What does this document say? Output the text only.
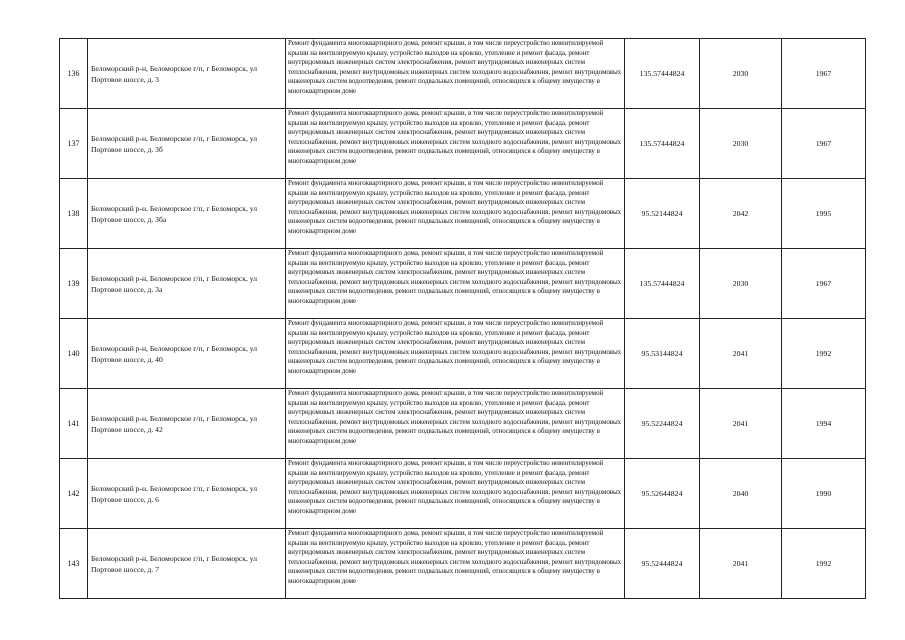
136	Беломорский р-н, Беломорское г/п, г Беломорск, ул Портовое шоссе, д. 3	Ремонт фундамента многоквартирного дома, ремонт крыши, в том числе переустройство невентилируемой крыши на вентилируемую крышу, устройство выходов на кровлю, утепление и ремонт фасада, ремонт внутридомовых инженерных систем электроснабжения, ремонт внутридомовых инженерных систем теплоснабжения, ремонт внутридомовых инженерных систем холодного водоснабжения, ремонт внутридомовых инженерных систем водоотведения, ремонт подвальных помещений, относящихся к общему имуществу в многоквартирном доме	135.57444824	2030	1967
137	Беломорский р-н, Беломорское г/п, г Беломорск, ул Портовое шоссе, д. 3б	Ремонт фундамента многоквартирного дома, ремонт крыши, в том числе переустройство невентилируемой крыши на вентилируемую крышу, устройство выходов на кровлю, утепление и ремонт фасада, ремонт внутридомовых инженерных систем электроснабжения, ремонт внутридомовых инженерных систем теплоснабжения, ремонт внутридомовых инженерных систем холодного водоснабжения, ремонт внутридомовых инженерных систем водоотведения, ремонт подвальных помещений, относящихся к общему имуществу в многоквартирном доме	135.57444824	2030	1967
138	Беломорский р-н, Беломорское г/п, г Беломорск, ул Портовое шоссе, д. 3ба	Ремонт фундамента многоквартирного дома, ремонт крыши, в том числе переустройство невентилируемой крыши на вентилируемую крышу, устройство выходов на кровлю, утепление и ремонт фасада, ремонт внутридомовых инженерных систем электроснабжения, ремонт внутридомовых инженерных систем теплоснабжения, ремонт внутридомовых инженерных систем холодного водоснабжения, ремонт внутридомовых инженерных систем водоотведения, ремонт подвальных помещений, относящихся к общему имуществу в многоквартирном доме	95.52144824	2042	1995
139	Беломорский р-н, Беломорское г/п, г Беломорск, ул Портовое шоссе, д. 3а	Ремонт фундамента многоквартирного дома, ремонт крыши, в том числе переустройство невентилируемой крыши на вентилируемую крышу, устройство выходов на кровлю, утепление и ремонт фасада, ремонт внутридомовых инженерных систем электроснабжения, ремонт внутридомовых инженерных систем теплоснабжения, ремонт внутридомовых инженерных систем холодного водоснабжения, ремонт внутридомовых инженерных систем водоотведения, ремонт подвальных помещений, относящихся к общему имуществу в многоквартирном доме	135.57444824	2030	1967
140	Беломорский р-н, Беломорское г/п, г Беломорск, ул Портовое шоссе, д. 40	Ремонт фундамента многоквартирного дома, ремонт крыши, в том числе переустройство невентилируемой крыши на вентилируемую крышу, устройство выходов на кровлю, утепление и ремонт фасада, ремонт внутридомовых инженерных систем электроснабжения, ремонт внутридомовых инженерных систем теплоснабжения, ремонт внутридомовых инженерных систем холодного водоснабжения, ремонт внутридомовых инженерных систем водоотведения, ремонт подвальных помещений, относящихся к общему имуществу в многоквартирном доме	95.53144824	2041	1992
141	Беломорский р-н, Беломорское г/п, г Беломорск, ул Портовое шоссе, д. 42	Ремонт фундамента многоквартирного дома, ремонт крыши, в том числе переустройство невентилируемой крыши на вентилируемую крышу, устройство выходов на кровлю, утепление и ремонт фасада, ремонт внутридомовых инженерных систем электроснабжения, ремонт внутридомовых инженерных систем теплоснабжения, ремонт внутридомовых инженерных систем холодного водоснабжения, ремонт внутридомовых инженерных систем водоотведения, ремонт подвальных помещений, относящихся к общему имуществу в многоквартирном доме	95.52244824	2041	1994
142	Беломорский р-н, Беломорское г/п, г Беломорск, ул Портовое шоссе, д. 6	Ремонт фундамента многоквартирного дома, ремонт крыши, в том числе переустройство невентилируемой крыши на вентилируемую крышу, устройство выходов на кровлю, утепление и ремонт фасада, ремонт внутридомовых инженерных систем электроснабжения, ремонт внутридомовых инженерных систем теплоснабжения, ремонт внутридомовых инженерных систем холодного водоснабжения, ремонт внутридомовых инженерных систем водоотведения, ремонт подвальных помещений, относящихся к общему имуществу в многоквартирном доме	95.52644824	2040	1990
143	Беломорский р-н, Беломорское г/п, г Беломорск, ул Портовое шоссе, д. 7	Ремонт фундамента многоквартирного дома, ремонт крыши, в том числе переустройство невентилируемой крыши на вентилируемую крышу, устройство выходов на кровлю, утепление и ремонт фасада, ремонт внутридомовых инженерных систем электроснабжения, ремонт внутридомовых инженерных систем теплоснабжения, ремонт внутридомовых инженерных систем холодного водоснабжения, ремонт внутридомовых инженерных систем водоотведения, ремонт подвальных помещений, относящихся к общему имуществу в многоквартирном доме	95.52444824	2041	1992
